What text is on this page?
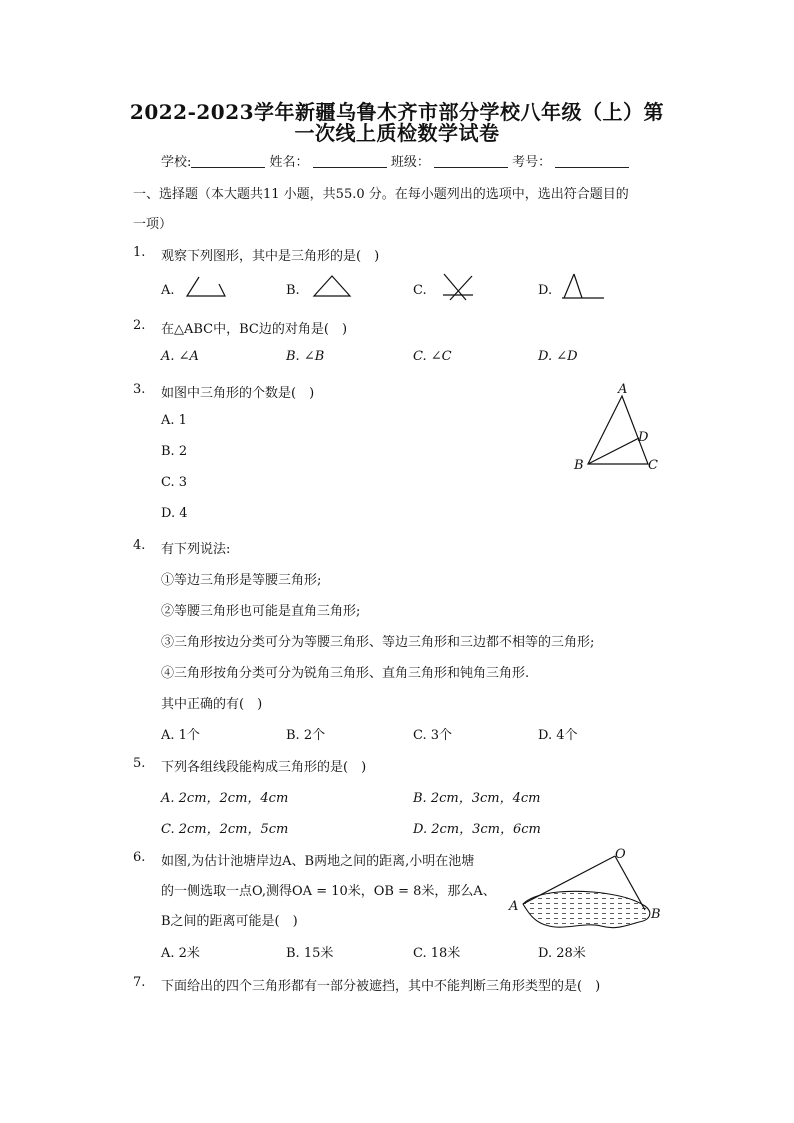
2022-2023学年新疆乌鲁木齐市部分学校八年级（上）第
一次线上质检数学试卷
学校:	姓名：	班级：	考号：
一、选择题（本大题共11 小题，共55.0 分。在每小题列出的选项中，选出符合题目的
一项）
1. 观察下列图形，其中是三角形的是(　)
A.	B.	C.	D.
2. 在△ABC中，BC边的对角是(　)
A. ∠A	B. ∠B	C. ∠C	D. ∠D
3. 如图中三角形的个数是(　)
A. 1
B. 2
C. 3
D. 4
A
B	C
D
4. 有下列说法:
①等边三角形是等腰三角形;
②等腰三角形也可能是直角三角形;
③三角形按边分类可分为等腰三角形、等边三角形和三边都不相等的三角形;
④三角形按角分类可分为锐角三角形、直角三角形和钝角三角形.
其中正确的有(　)
A. 1个	B. 2个	C. 3个	D. 4个
5. 下列各组线段能构成三角形的是(　)
A. 2cm，2cm，4cm	B. 2cm，3cm，4cm
C. 2cm，2cm，5cm	D. 2cm，3cm，6cm
6. 如图,为估计池塘岸边A、B两地之间的距离,小明在池塘
的一侧选取一点O,测得OA = 10米，OB = 8米，那么A、
B之间的距离可能是(　)
A. 2米	B. 15米	C. 18米	D. 28米
O
A
B
7. 下面给出的四个三角形都有一部分被遮挡，其中不能判断三角形类型的是(　)
